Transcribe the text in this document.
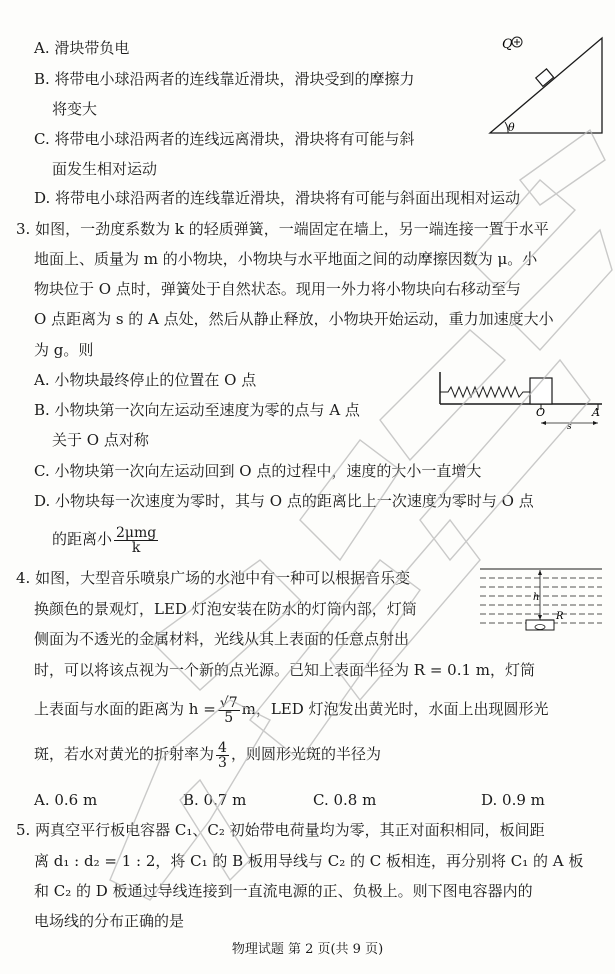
A. 滑块带负电
B. 将带电小球沿两者的连线靠近滑块，滑块受到的摩擦力
将变大
C. 将带电小球沿两者的连线远离滑块，滑块将有可能与斜
面发生相对运动
D. 将带电小球沿两者的连线靠近滑块，滑块将有可能与斜面出现相对运动
θ
Q
3. 如图，一劲度系数为 k 的轻质弹簧，一端固定在墙上，另一端连接一置于水平
地面上、质量为 m 的小物块，小物块与水平地面之间的动摩擦因数为 μ。小
物块位于 O 点时，弹簧处于自然状态。现用一外力将小物块向右移动至与
O 点距离为 s 的 A 点处，然后从静止释放，小物块开始运动，重力加速度大小
为 g。则
A. 小物块最终停止的位置在 O 点
B. 小物块第一次向左运动至速度为零的点与 A 点
关于 O 点对称
C. 小物块第一次向左运动回到 O 点的过程中，速度的大小一直增大
D. 小物块每一次速度为零时，其与 O 点的距离比上一次速度为零时与 O 点
的距离小 $\frac{\text{2μmg}}{k}$
O	A
s
4. 如图，大型音乐喷泉广场的水池中有一种可以根据音乐变
换颜色的景观灯，LED 灯泡安装在防水的灯筒内部，灯筒
侧面为不透光的金属材料，光线从其上表面的任意点射出
时，可以将该点视为一个新的点光源。已知上表面半径为 R = 0.1 m，灯筒
上表面与水面的距离为 $h = \frac{√7}{5}$ m，LED 灯泡发出黄光时，水面上出现圆形光
斑，若水对黄光的折射率为 $\frac{4}{3}$ ，则圆形光斑的半径为
A. 0.6 m	B. 0.7 m	C. 0.8 m	D. 0.9 m
h
R
5. 两真空平行板电容器 C₁、C₂ 初始带电荷量均为零，其正对面积相同，板间距
离 d₁ : d₂ = 1 : 2，将 C₁ 的 B 板用导线与 C₂ 的 C 板相连，再分别将 C₁ 的 A 板
和 C₂ 的 D 板通过导线连接到一直流电源的正、负极上。则下图电容器内的
电场线的分布正确的是
物理试题 第 2 页(共 9 页)
